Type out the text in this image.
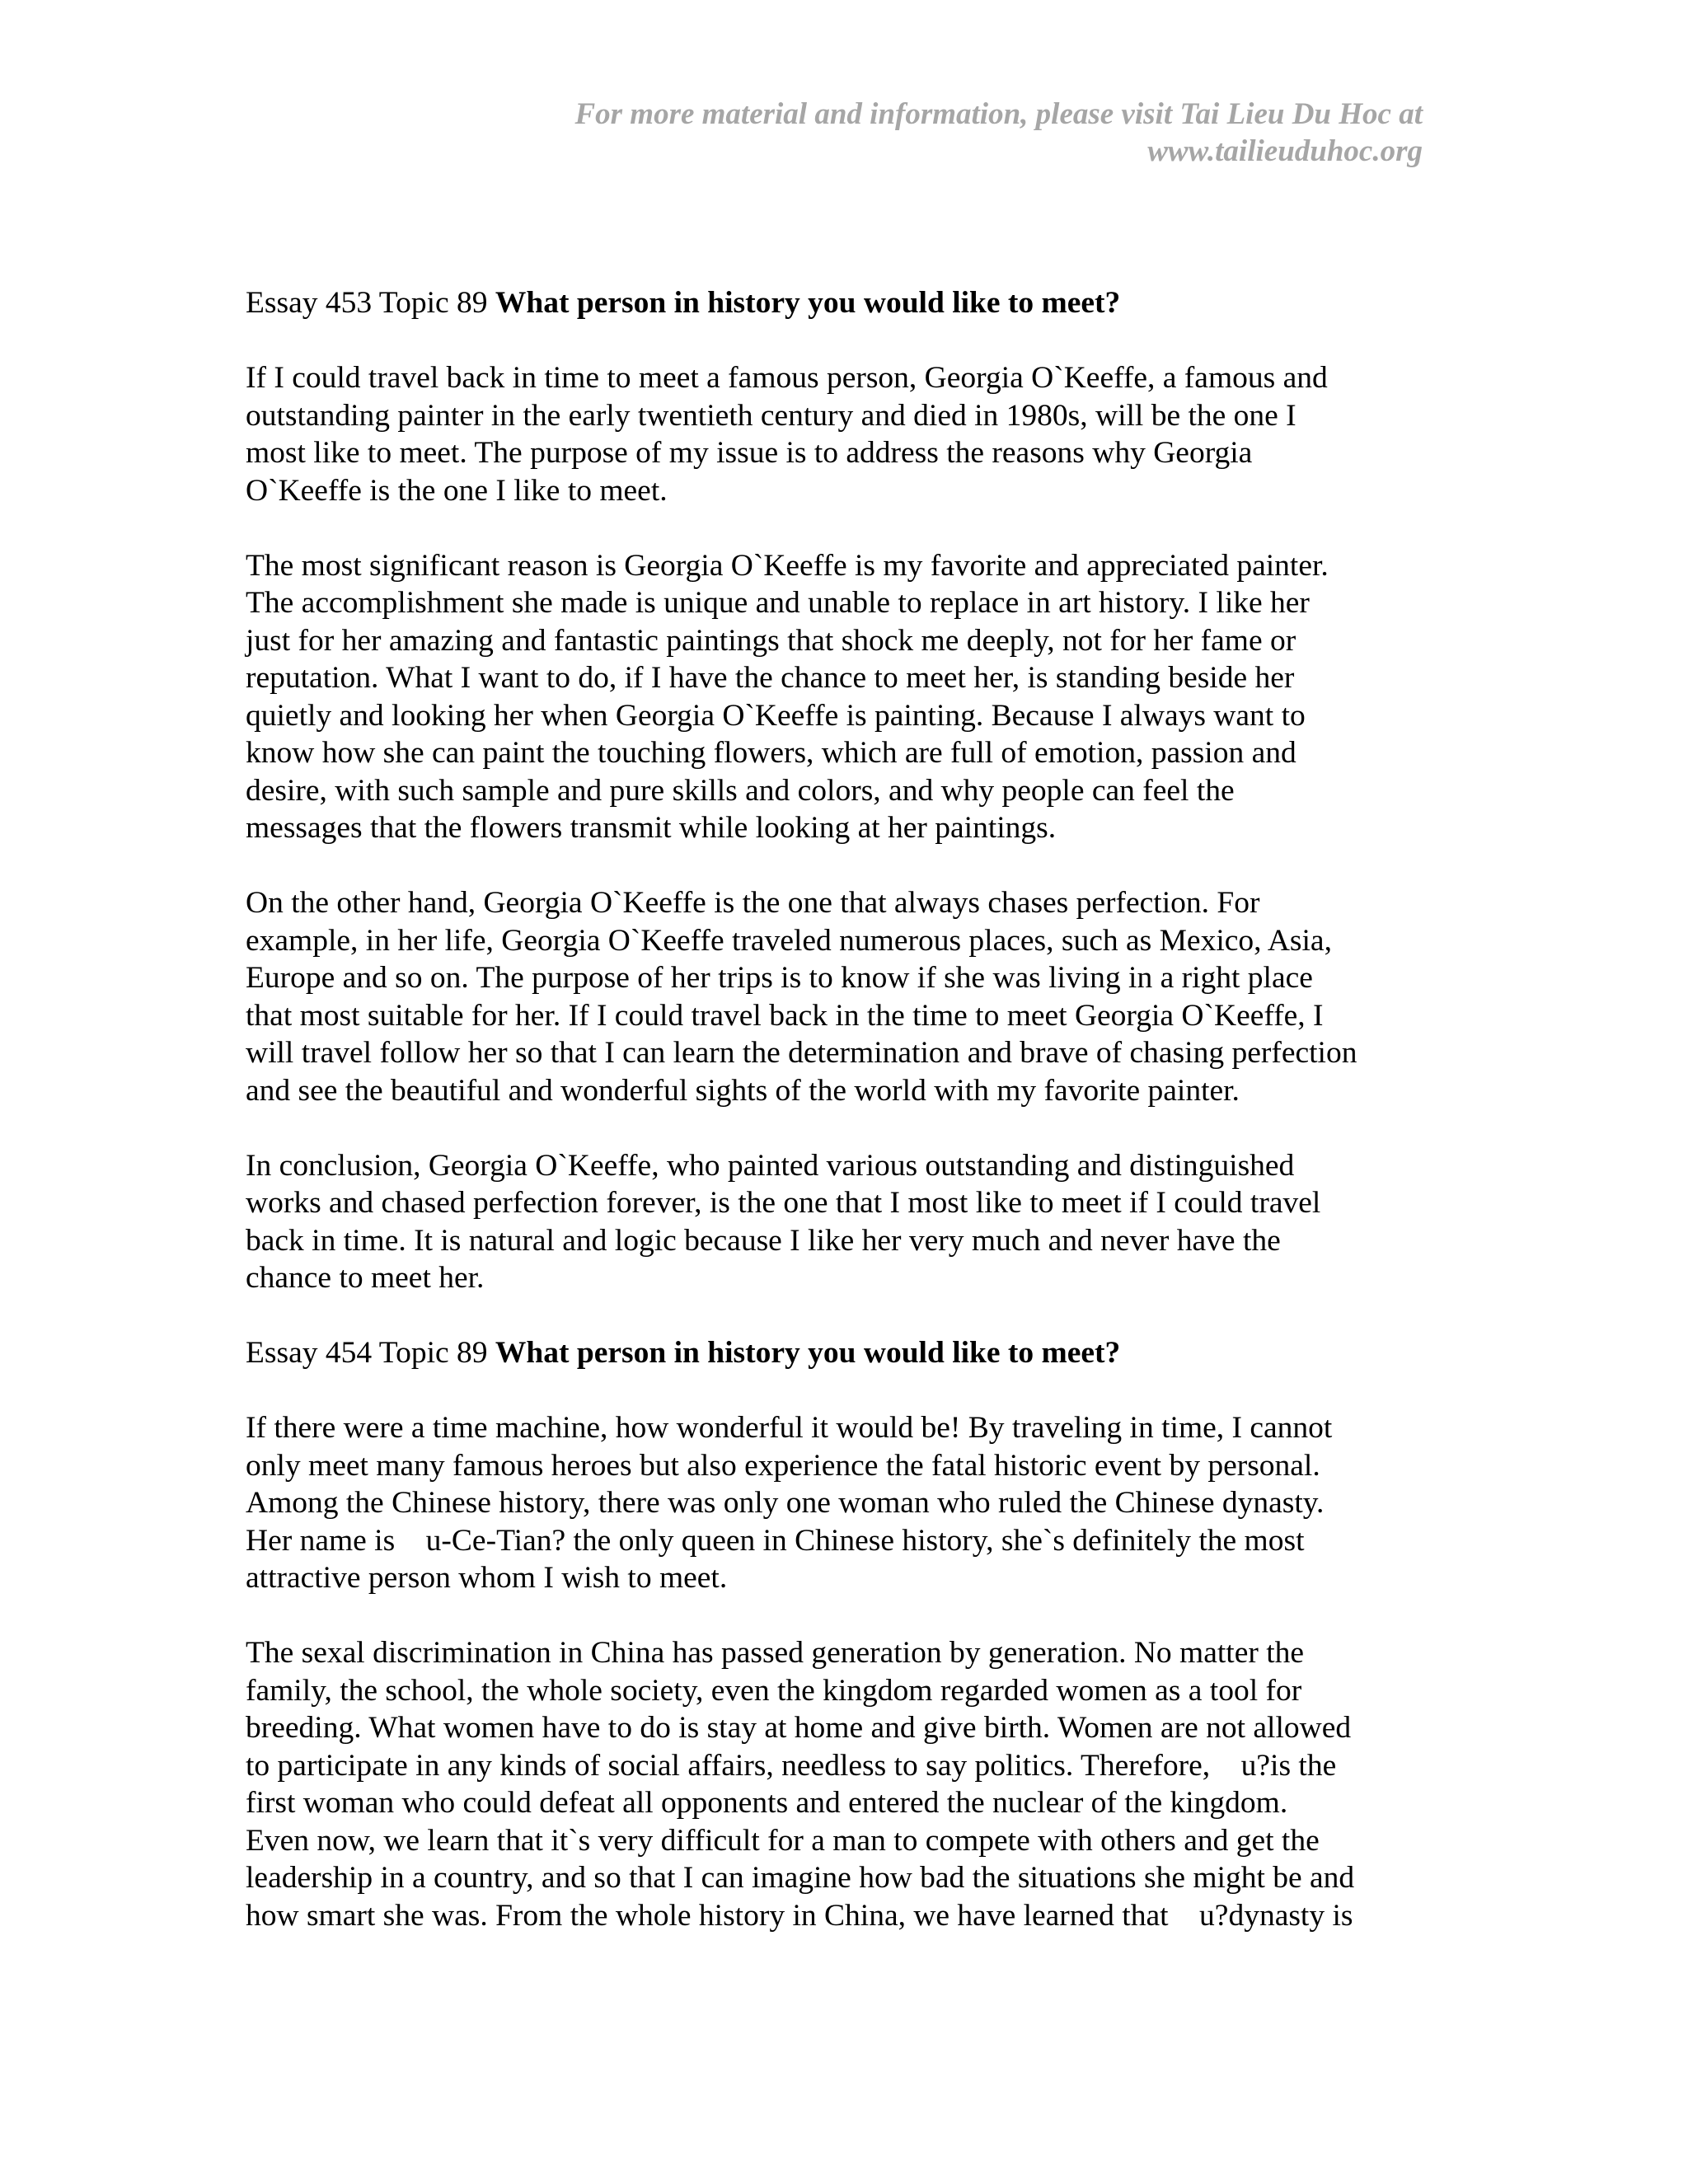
For more material and information, please visit Tai Lieu Du Hoc at
www.tailieuduhoc.org
Essay 453 Topic 89 What person in history you would like to meet?
If I could travel back in time to meet a famous person, Georgia O`Keeffe, a famous and
outstanding painter in the early twentieth century and died in 1980s, will be the one I
most like to meet. The purpose of my issue is to address the reasons why Georgia
O`Keeffe is the one I like to meet.
The most significant reason is Georgia O`Keeffe is my favorite and appreciated painter.
The accomplishment she made is unique and unable to replace in art history. I like her
just for her amazing and fantastic paintings that shock me deeply, not for her fame or
reputation. What I want to do, if I have the chance to meet her, is standing beside her
quietly and looking her when Georgia O`Keeffe is painting. Because I always want to
know how she can paint the touching flowers, which are full of emotion, passion and
desire, with such sample and pure skills and colors, and why people can feel the
messages that the flowers transmit while looking at her paintings.
On the other hand, Georgia O`Keeffe is the one that always chases perfection. For
example, in her life, Georgia O`Keeffe traveled numerous places, such as Mexico, Asia,
Europe and so on. The purpose of her trips is to know if she was living in a right place
that most suitable for her. If I could travel back in the time to meet Georgia O`Keeffe, I
will travel follow her so that I can learn the determination and brave of chasing perfection
and see the beautiful and wonderful sights of the world with my favorite painter.
In conclusion, Georgia O`Keeffe, who painted various outstanding and distinguished
works and chased perfection forever, is the one that I most like to meet if I could travel
back in time. It is natural and logic because I like her very much and never have the
chance to meet her.
Essay 454 Topic 89 What person in history you would like to meet?
If there were a time machine, how wonderful it would be! By traveling in time, I cannot
only meet many famous heroes but also experience the fatal historic event by personal.
Among the Chinese history, there was only one woman who ruled the Chinese dynasty.
Her name is    u-Ce-Tian? the only queen in Chinese history, she`s definitely the most
attractive person whom I wish to meet.
The sexal discrimination in China has passed generation by generation. No matter the
family, the school, the whole society, even the kingdom regarded women as a tool for
breeding. What women have to do is stay at home and give birth. Women are not allowed
to participate in any kinds of social affairs, needless to say politics. Therefore,    u?is the
first woman who could defeat all opponents and entered the nuclear of the kingdom.
Even now, we learn that it`s very difficult for a man to compete with others and get the
leadership in a country, and so that I can imagine how bad the situations she might be and
how smart she was. From the whole history in China, we have learned that    u?dynasty is
